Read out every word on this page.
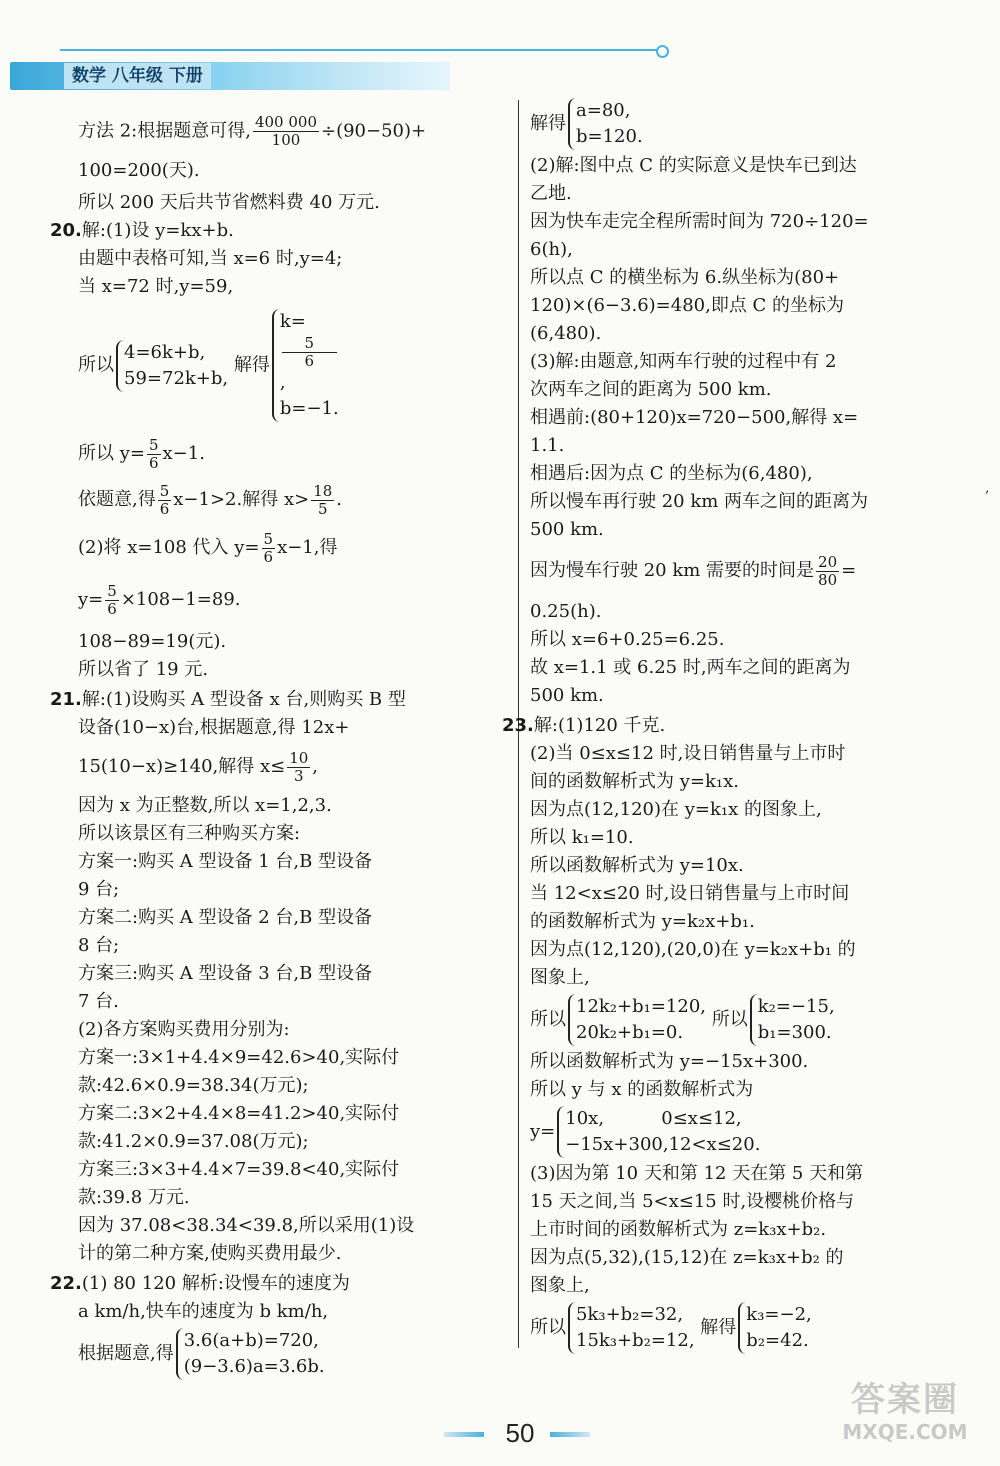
数学 八年级 下册
方法 2:根据题意可得, $\frac{400 000}{100} \div(90-50)+$
100=200(天).
所以 200 天后共节省燃料费 40 万元.
20.解:(1)设 y=kx+b.
由题中表格可知,当 x=6 时,y=4;
当 x=72 时,y=59,
所以
4=6k+b,
59=72k+b,
解得
k=
5
6
,
b=−1.
所以 $y= \frac{5}{6} x-1$.
依题意,得 $\frac{5}{6} x-1>2$.解得 $x> \frac{18}{5}$ .
(2)将 x=108 代入 $y= \frac{5}{6} x-1$,得
$y= \frac{5}{6} \times 108-1=89$.
108−89=19(元).
所以省了 19 元.
21.解:(1)设购买 A 型设备 x 台,则购买 B 型
设备(10−x)台,根据题意,得 12x+
15(10−x)≥140,解得 $x\le \frac{10}{3}$ ,
因为 x 为正整数,所以 x=1,2,3.
所以该景区有三种购买方案:
方案一:购买 A 型设备 1 台,B 型设备
9 台;
方案二:购买 A 型设备 2 台,B 型设备
8 台;
方案三:购买 A 型设备 3 台,B 型设备
7 台.
(2)各方案购买费用分别为:
方案一:3×1+4.4×9=42.6>40,实际付
款:42.6×0.9=38.34(万元);
方案二:3×2+4.4×8=41.2>40,实际付
款:41.2×0.9=37.08(万元);
方案三:3×3+4.4×7=39.8<40,实际付
款:39.8 万元.
因为 37.08<38.34<39.8,所以采用(1)设
计的第二种方案,使购买费用最少.
22.(1) 80 120 解析:设慢车的速度为
a km/h,快车的速度为 b km/h,
根据题意,得
3.6(a+b)=720,
(9−3.6)a=3.6b.
解得
a=80,
b=120.
(2)解:图中点 C 的实际意义是快车已到达
乙地.
因为快车走完全程所需时间为 720÷120=
6(h),
所以点 C 的横坐标为 6.纵坐标为(80+
120)×(6−3.6)=480,即点 C 的坐标为
(6,480).
(3)解:由题意,知两车行驶的过程中有 2
次两车之间的距离为 500 km.
相遇前:(80+120)x=720−500,解得 x=
1.1.
相遇后:因为点 C 的坐标为(6,480),
所以慢车再行驶 20 km 两车之间的距离为
500 km.
因为慢车行驶 20 km 需要的时间是 $\frac{20}{80}$ =
0.25(h).
所以 x=6+0.25=6.25.
故 x=1.1 或 6.25 时,两车之间的距离为
500 km.
23.解:(1)120 千克.
(2)当 0≤x≤12 时,设日销售量与上市时
间的函数解析式为 y=k₁x.
因为点(12,120)在 y=k₁x 的图象上,
所以 k₁=10.
所以函数解析式为 y=10x.
当 12<x≤20 时,设日销售量与上市时间
的函数解析式为 y=k₂x+b₁.
因为点(12,120),(20,0)在 y=k₂x+b₁ 的
图象上,
所以
12k₂+b₁=120,
20k₂+b₁=0.
所以
k₂=−15,
b₁=300.
所以函数解析式为 y=−15x+300.
所以 y 与 x 的函数解析式为
y=
10x,          0≤x≤12,
−15x+300,12<x≤20.
(3)因为第 10 天和第 12 天在第 5 天和第
15 天之间,当 5<x≤15 时,设樱桃价格与
上市时间的函数解析式为 z=k₃x+b₂.
因为点(5,32),(15,12)在 z=k₃x+b₂ 的
图象上,
所以
5k₃+b₂=32,
15k₃+b₂=12,
解得
k₃=−2,
b₂=42.
,
50
答案圈
MXQE.COM
